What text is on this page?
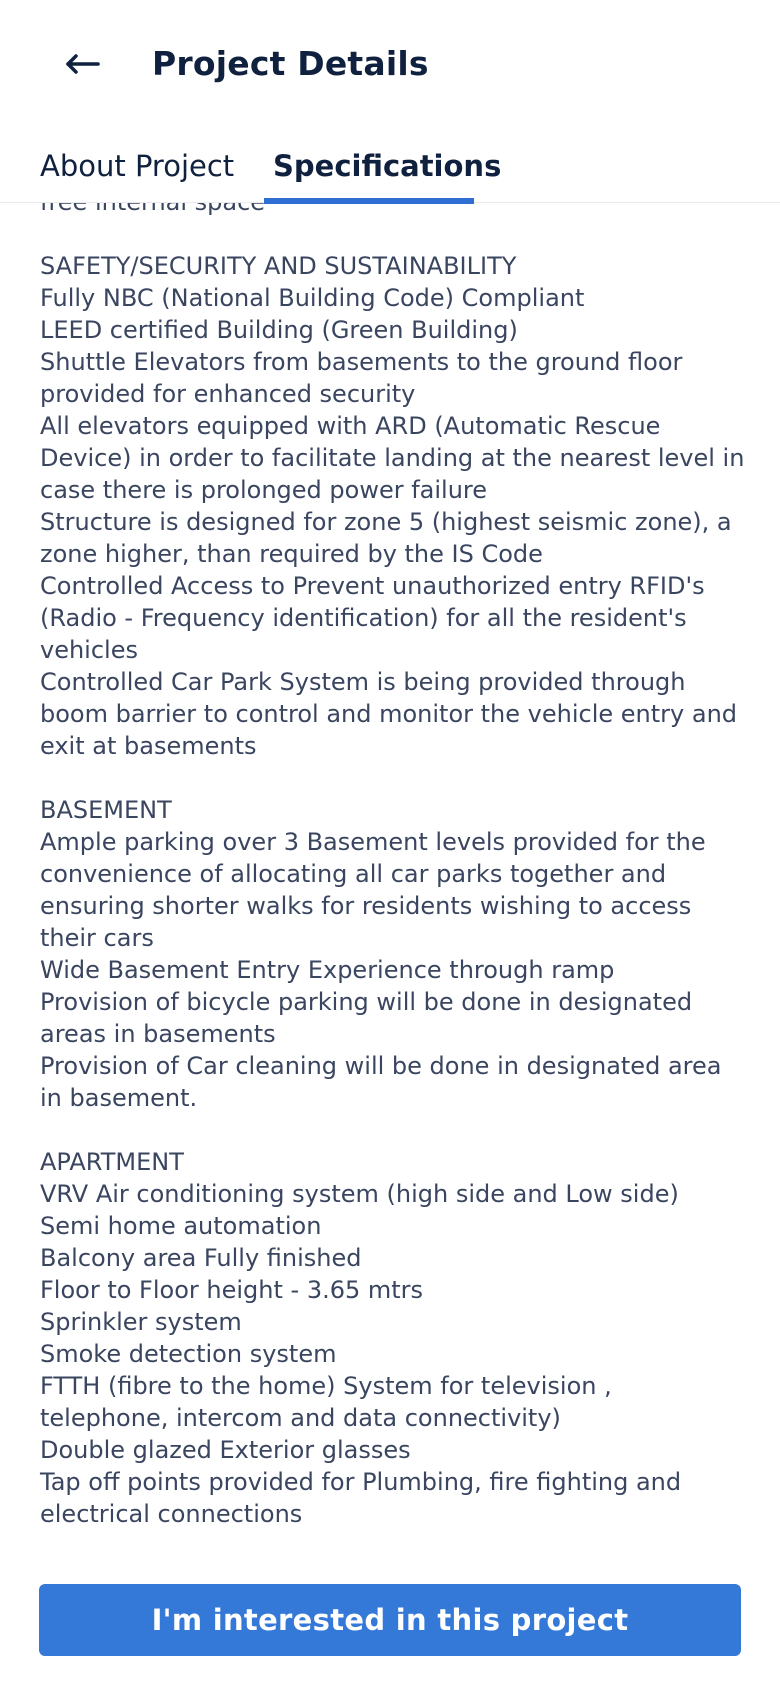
SAFETY/SECURITY AND SUSTAINABILITY
Fully NBC (National Building Code) Compliant
LEED certified Building (Green Building)
Shuttle Elevators from basements to the ground floor provided for enhanced security
All elevators equipped with ARD (Automatic Rescue Device) in order to facilitate landing at the nearest level in case there is prolonged power failure
Structure is designed for zone 5 (highest seismic zone), a zone higher, than required by the IS Code
Controlled Access to Prevent unauthorized entry RFID's (Radio - Frequency identification) for all the resident's vehicles
Controlled Car Park System is being provided through boom barrier to control and monitor the vehicle entry and exit at basements
BASEMENT
Ample parking over 3 Basement levels provided for the convenience of allocating all car parks together and ensuring shorter walks for residents wishing to access their cars
Wide Basement Entry Experience through ramp
Provision of bicycle parking will be done in designated areas in basements
Provision of Car cleaning will be done in designated area in basement.
APARTMENT
VRV Air conditioning system (high side and Low side)
Semi home automation
Balcony area Fully finished
Floor to Floor height - 3.65 mtrs
Sprinkler system
Smoke detection system
FTTH (fibre to the home) System for television , telephone, intercom and data connectivity)
Double glazed Exterior glasses
Tap off points provided for Plumbing, fire fighting and electrical connections
Project Details
About Project Specifications
I'm interested in this project
